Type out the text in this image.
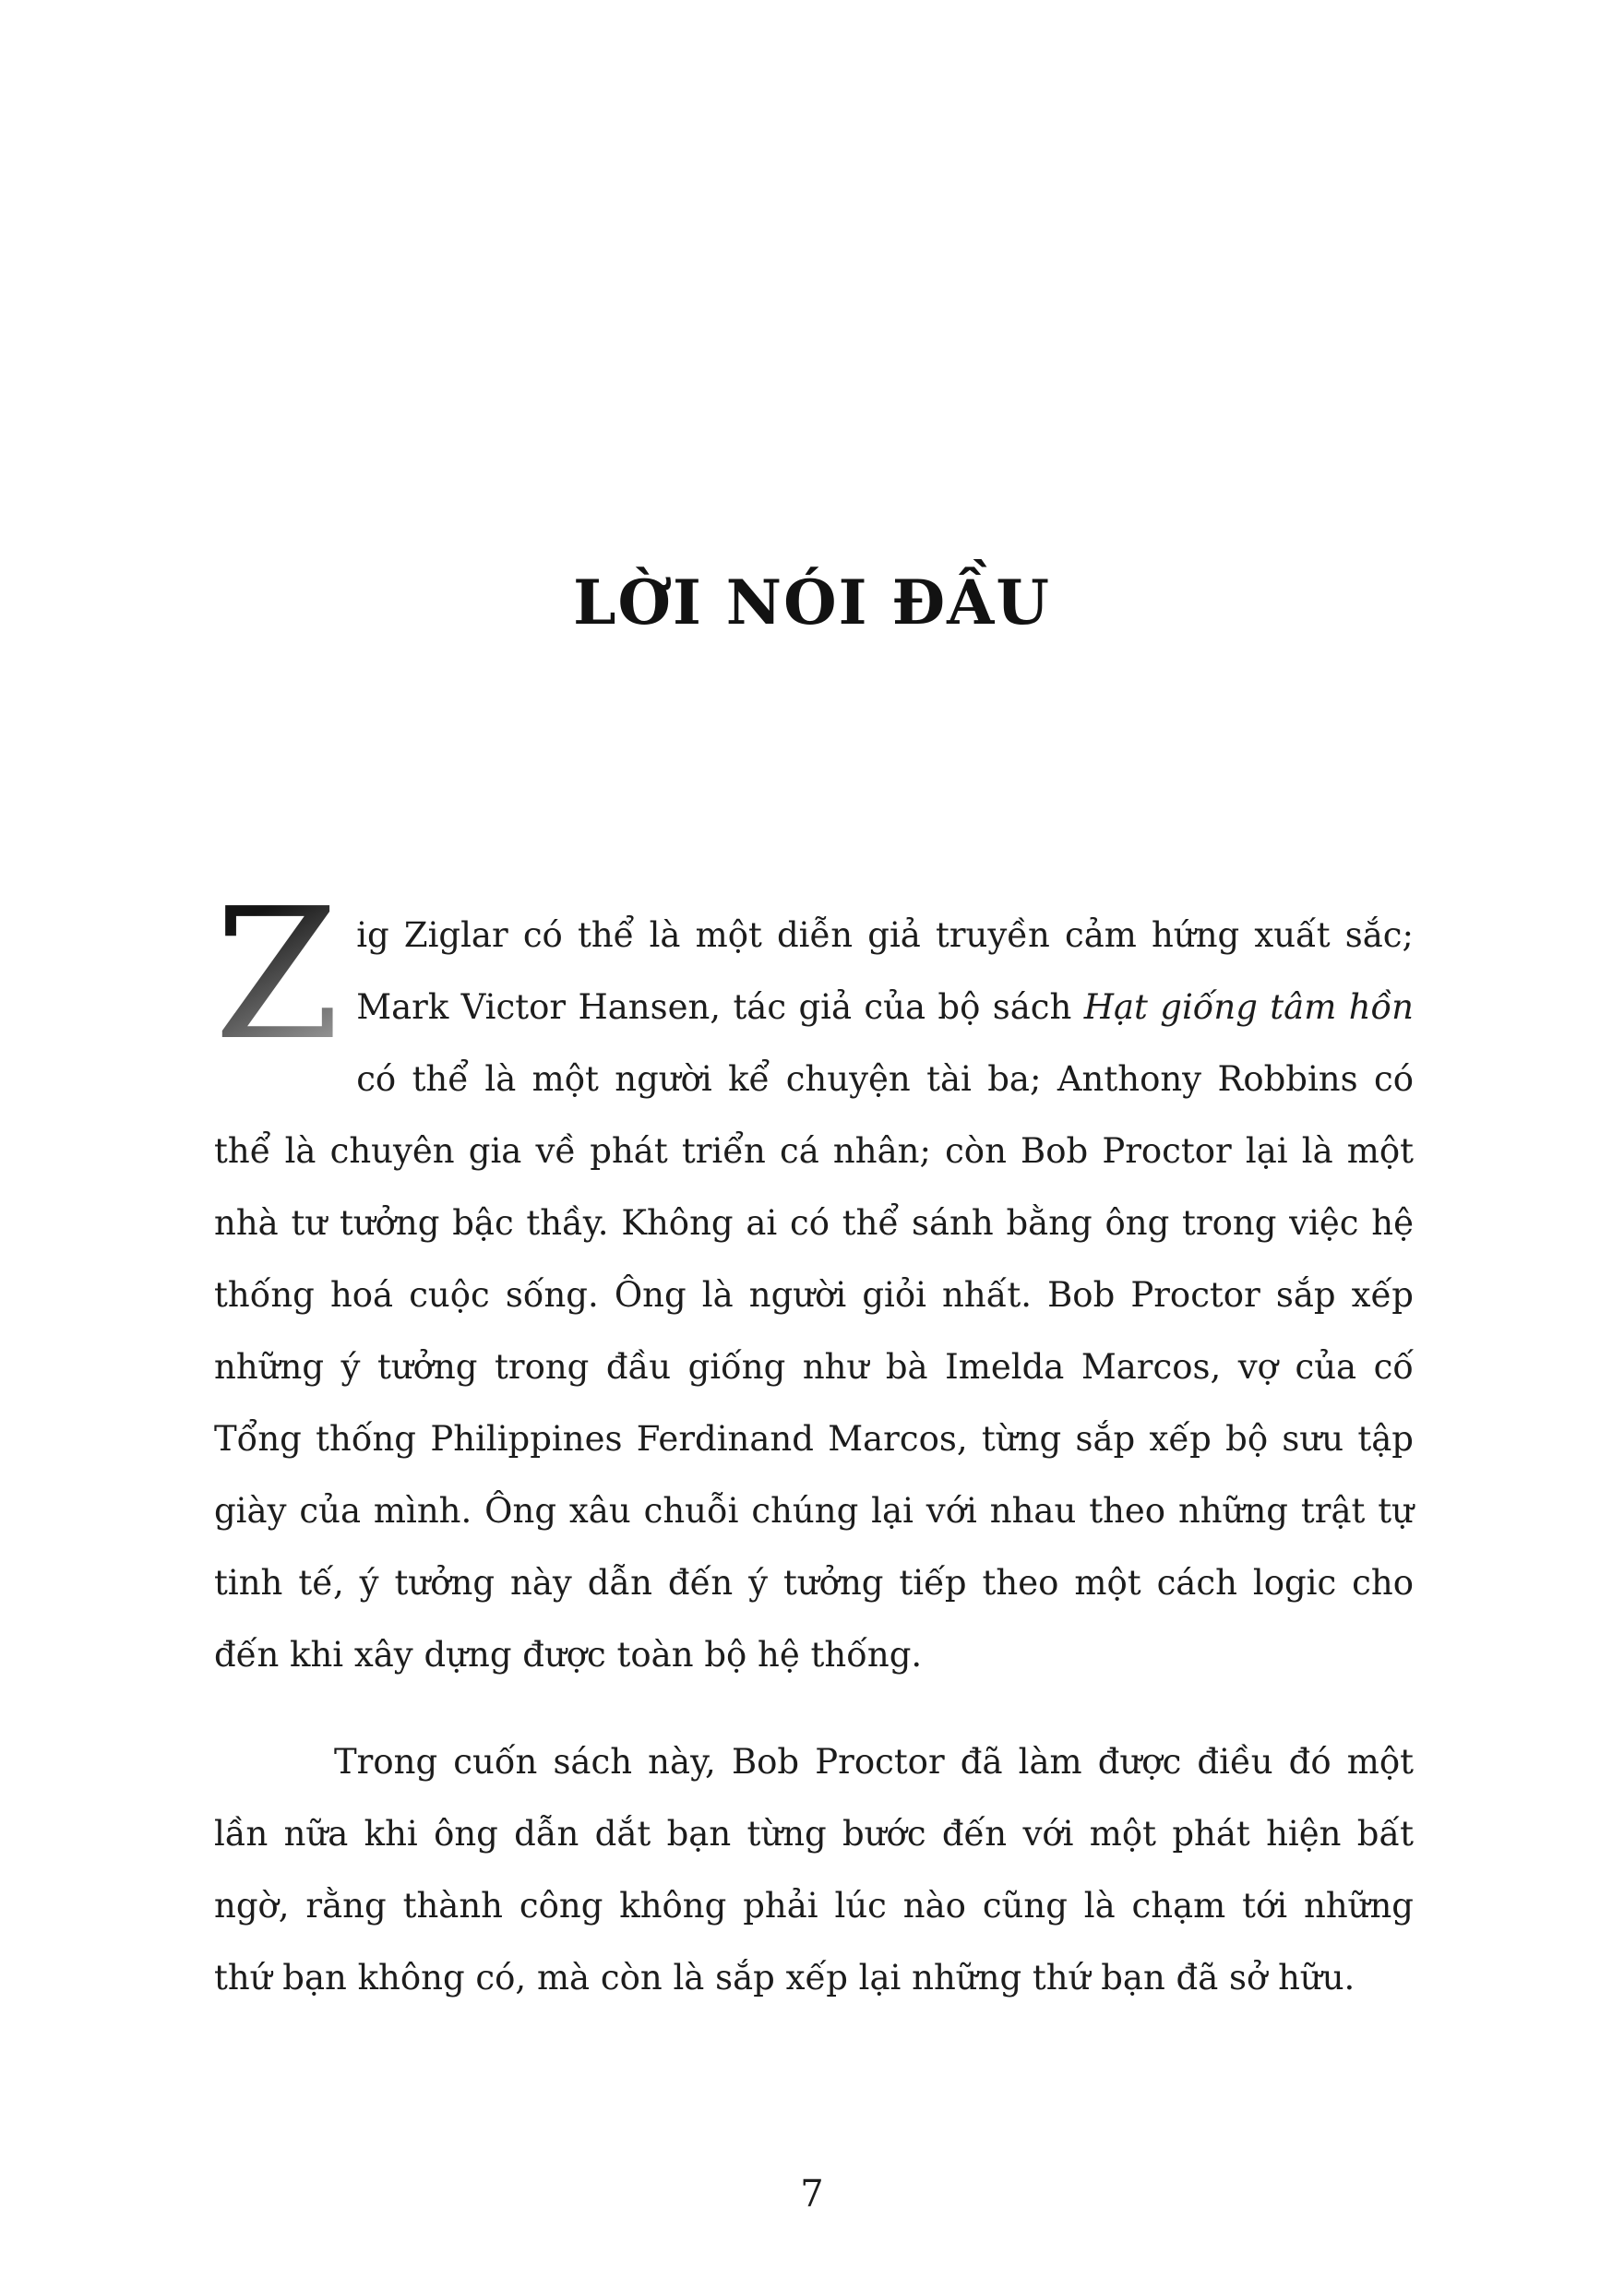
LỜI NÓI ĐẦU

Z ig Ziglar có thể là một diễn giả truyền cảm hứng xuất sắc; Mark Victor Hansen, tác giả của bộ sách Hạt giống tâm hồn có thể là một người kể chuyện tài ba; Anthony Robbins có thể là chuyên gia về phát triển cá nhân; còn Bob Proctor lại là một nhà tư tưởng bậc thầy. Không ai có thể sánh bằng ông trong việc hệ thống hoá cuộc sống. Ông là người giỏi nhất. Bob Proctor sắp xếp những ý tưởng trong đầu giống như bà Imelda Marcos, vợ của cố Tổng thống Philippines Ferdinand Marcos, từng sắp xếp bộ sưu tập giày của mình. Ông xâu chuỗi chúng lại với nhau theo những trật tự tinh tế, ý tưởng này dẫn đến ý tưởng tiếp theo một cách logic cho đến khi xây dựng được toàn bộ hệ thống.

Trong cuốn sách này, Bob Proctor đã làm được điều đó một lần nữa khi ông dẫn dắt bạn từng bước đến với một phát hiện bất ngờ, rằng thành công không phải lúc nào cũng là chạm tới những thứ bạn không có, mà còn là sắp xếp lại những thứ bạn đã sở hữu.

7
